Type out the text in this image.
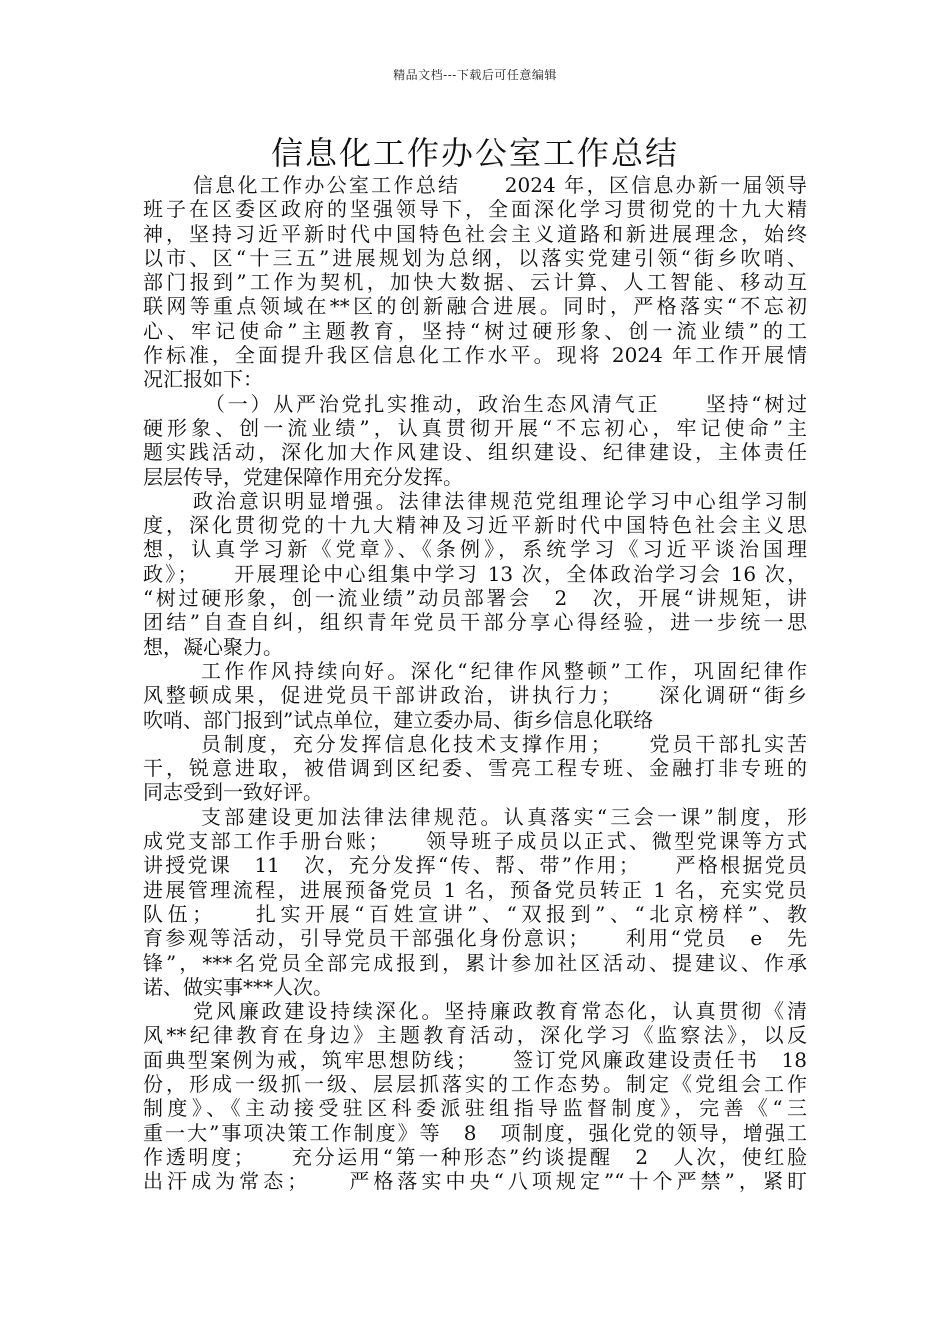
精品文档---下载后可任意编辑
信息化工作办公室工作总结
信息化工作办公室工作总结　　2024 年，区信息办新一届领导
班子在区委区政府的坚强领导下，全面深化学习贯彻党的十九大精
神，坚持习近平新时代中国特色社会主义道路和新进展理念，始终
以市、区“十三五”进展规划为总纲，以落实党建引领“街乡吹哨、
部门报到”工作为契机，加快大数据、云计算、人工智能、移动互
联网等重点领域在**区的创新融合进展。同时，严格落实“不忘初
心、牢记使命”主题教育，坚持“树过硬形象、创一流业绩”的工
作标准，全面提升我区信息化工作水平。现将 2024 年工作开展情
况汇报如下：
（一）从严治党扎实推动，政治生态风清气正　　坚持“树过
硬形象、创一流业绩”，认真贯彻开展“不忘初心，牢记使命”主
题实践活动，深化加大作风建设、组织建设、纪律建设，主体责任
层层传导，党建保障作用充分发挥。
政治意识明显增强。法律法律规范党组理论学习中心组学习制
度，深化贯彻党的十九大精神及习近平新时代中国特色社会主义思
想，认真学习新《党章》、《条例》，系统学习《习近平谈治国理
政》；　　开展理论中心组集中学习 13 次，全体政治学习会 16 次，
“树过硬形象，创一流业绩”动员部署会　2　次，开展“讲规矩，讲
团结”自查自纠，组织青年党员干部分享心得经验，进一步统一思
想，凝心聚力。
工作作风持续向好。深化“纪律作风整顿”工作，巩固纪律作
风整顿成果，促进党员干部讲政治，讲执行力；　　深化调研“街乡
吹哨、部门报到”试点单位，建立委办局、街乡信息化联络
员制度，充分发挥信息化技术支撑作用；　　党员干部扎实苦
干，锐意进取，被借调到区纪委、雪亮工程专班、金融打非专班的
同志受到一致好评。
支部建设更加法律法律规范。认真落实“三会一课”制度，形
成党支部工作手册台账；　　领导班子成员以正式、微型党课等方式
讲授党课　11　次，充分发挥“传、帮、带”作用；　　严格根据党员
进展管理流程，进展预备党员 1 名，预备党员转正 1 名，充实党员
队伍；　　扎实开展“百姓宣讲”、“双报到”、“北京榜样”、教
育参观等活动，引导党员干部强化身份意识；　　利用“党员　e　先
锋”，***名党员全部完成报到，累计参加社区活动、提建议、作承
诺、做实事***人次。
党风廉政建设持续深化。坚持廉政教育常态化，认真贯彻《清
风**纪律教育在身边》主题教育活动，深化学习《监察法》，以反
面典型案例为戒，筑牢思想防线；　　签订党风廉政建设责任书　18
份，形成一级抓一级、层层抓落实的工作态势。制定《党组会工作
制度》、《主动接受驻区科委派驻组指导监督制度》，完善《“三
重一大”事项决策工作制度》等　8　项制度，强化党的领导，增强工
作透明度；　　充分运用“第一种形态”约谈提醒　2　人次，使红脸
出汗成为常态；　　严格落实中央“八项规定”“十个严禁”，紧盯
